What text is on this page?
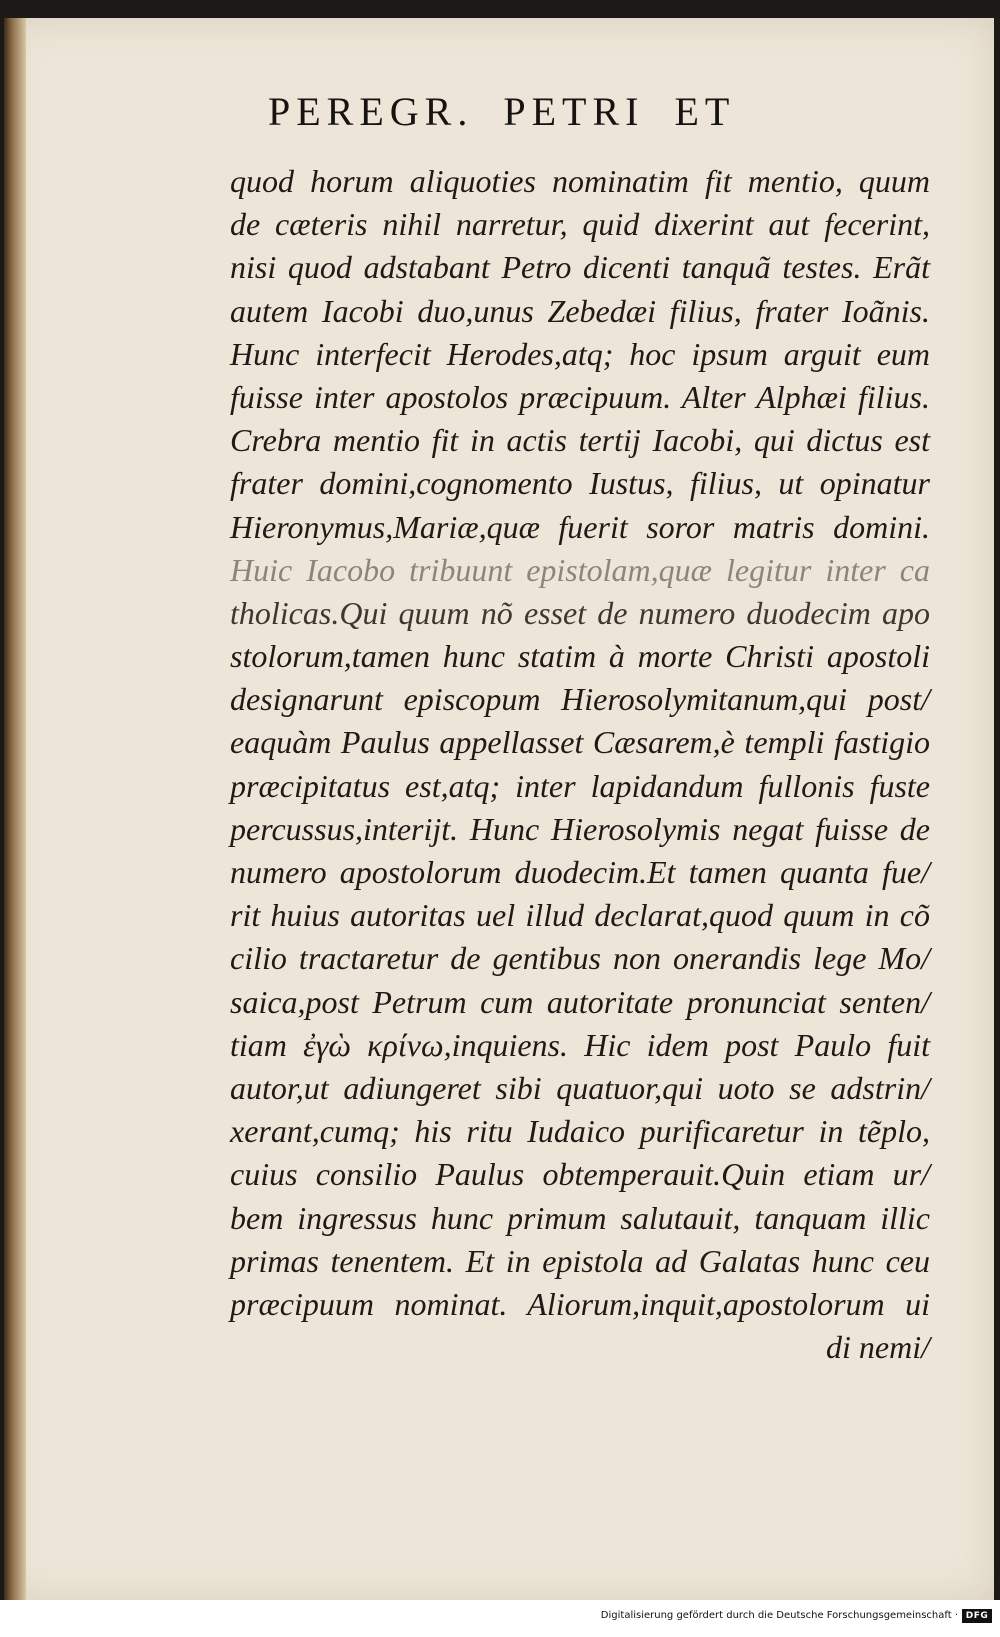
PEREGR. PETRI ET
quod horum aliquoties nominatim fit mentio, quum
de cæteris nihil narretur, quid dixerint aut fecerint,
nisi quod adstabant Petro dicenti tanquã testes. Erãt
autem Iacobi duo,unus Zebedæi filius, frater Ioãnis.
Hunc interfecit Herodes,atq; hoc ipsum arguit eum
fuisse inter apostolos præcipuum. Alter Alphæi filius.
Crebra mentio fit in actis tertij Iacobi, qui dictus est
frater domini,cognomento Iustus, filius, ut opinatur
Hieronymus,Mariæ,quæ fuerit soror matris domini.
Huic Iacobo tribuunt epistolam,quæ legitur inter ca
tholicas.Qui quum nõ esset de numero duodecim apo
stolorum,tamen hunc statim à morte Christi apostoli
designarunt episcopum Hierosolymitanum,qui post/
eaquàm Paulus appellasset Cæsarem,è templi fastigio
præcipitatus est,atq; inter lapidandum fullonis fuste
percussus,interijt. Hunc Hierosolymis negat fuisse de
numero apostolorum duodecim.Et tamen quanta fue/
rit huius autoritas uel illud declarat,quod quum in cõ
cilio tractaretur de gentibus non onerandis lege Mo/
saica,post Petrum cum autoritate pronunciat senten/
tiam ἐγὼ κρίνω,inquiens. Hic idem post Paulo fuit
autor,ut adiungeret sibi quatuor,qui uoto se adstrin/
xerant,cumq; his ritu Iudaico purificaretur in tẽplo,
cuius consilio Paulus obtemperauit.Quin etiam ur/
bem ingressus hunc primum salutauit, tanquam illic
primas tenentem. Et in epistola ad Galatas hunc ceu
præcipuum nominat. Aliorum,inquit,apostolorum ui
di nemi/
Digitalisierung gefördert durch die Deutsche Forschungsgemeinschaft · DFG
